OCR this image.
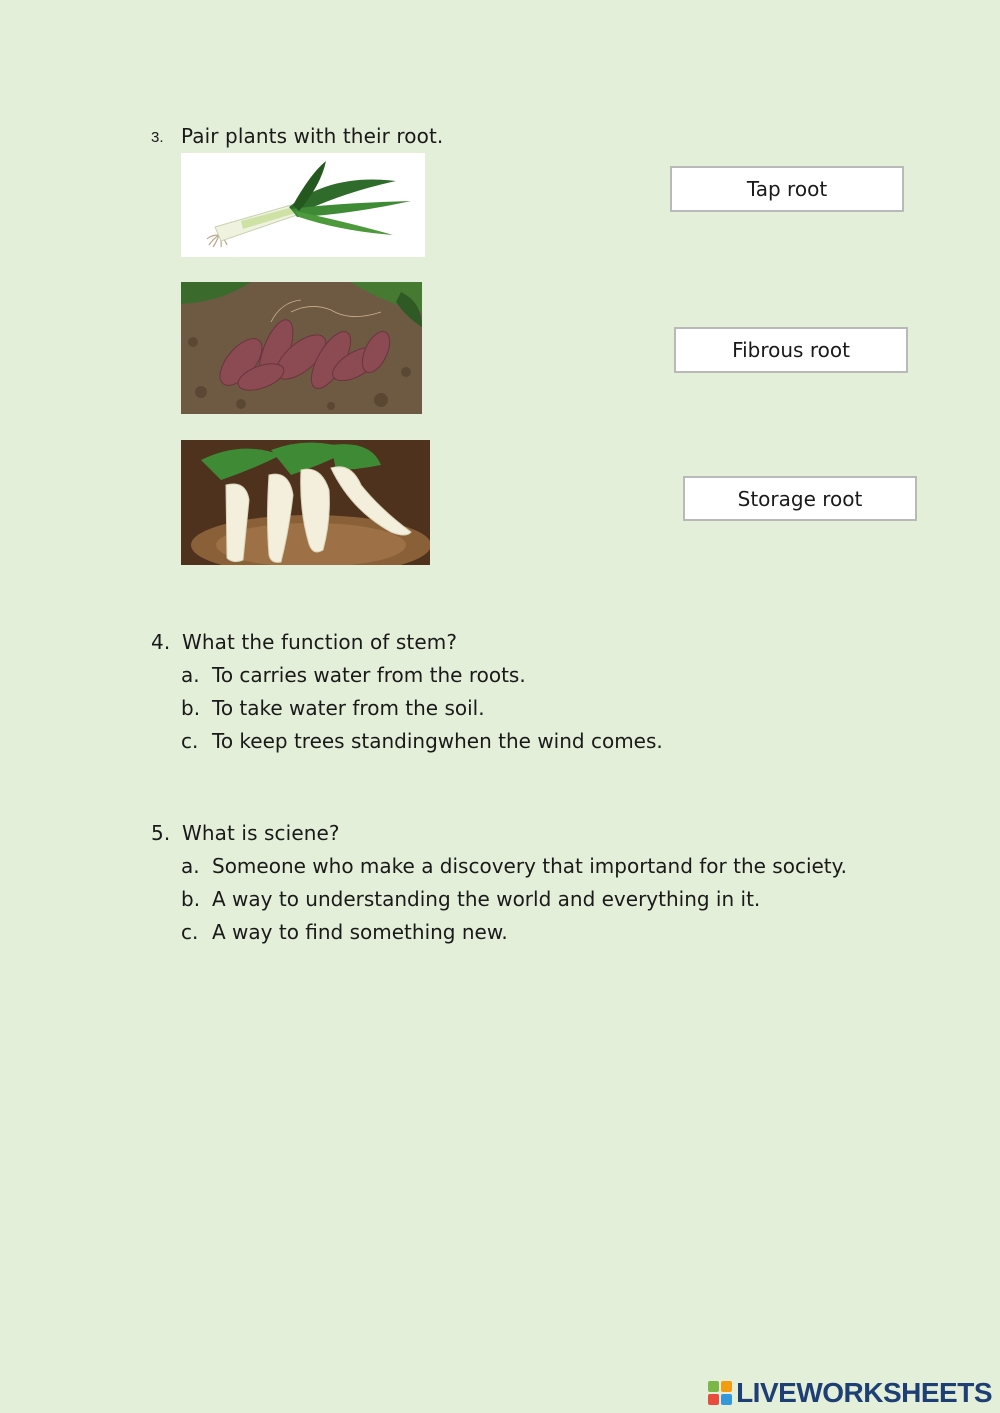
3. Pair plants with their root.
Tap root
Fibrous root
Storage root
4. What the function of stem?
a. To carries water from the roots.
b. To take water from the soil.
c. To keep trees standingwhen the wind comes.
5. What is sciene?
a. Someone who make a discovery that importand for the society.
b. A way to understanding the world and everything in it.
c. A way to find something new.
LIVEWORKSHEETS
